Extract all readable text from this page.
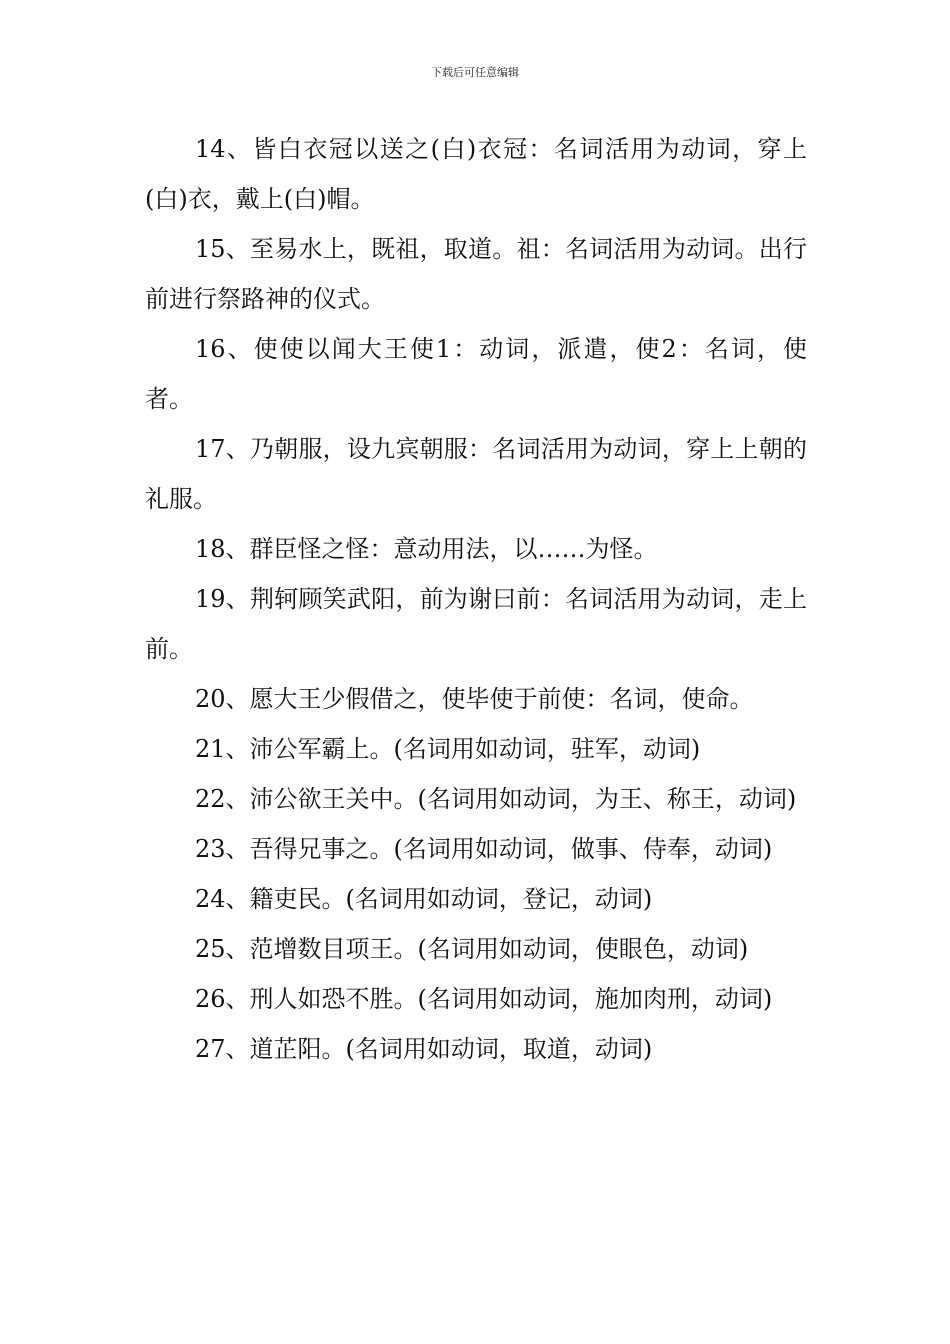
下载后可任意编辑

14、皆白衣冠以送之(白)衣冠：名词活用为动词，穿上(白)衣，戴上(白)帽。

15、至易水上，既祖，取道。祖：名词活用为动词。出行前进行祭路神的仪式。

16、使使以闻大王使1：动词，派遣，使2：名词，使者。

17、乃朝服，设九宾朝服：名词活用为动词，穿上上朝的礼服。

18、群臣怪之怪：意动用法，以……为怪。

19、荆轲顾笑武阳，前为谢曰前：名词活用为动词，走上前。

20、愿大王少假借之，使毕使于前使：名词，使命。

21、沛公军霸上。(名词用如动词，驻军，动词)

22、沛公欲王关中。(名词用如动词，为王、称王，动词)

23、吾得兄事之。(名词用如动词，做事、侍奉，动词)

24、籍吏民。(名词用如动词，登记，动词)

25、范增数目项王。(名词用如动词，使眼色，动词)

26、刑人如恐不胜。(名词用如动词，施加肉刑，动词)

27、道芷阳。(名词用如动词，取道，动词)
